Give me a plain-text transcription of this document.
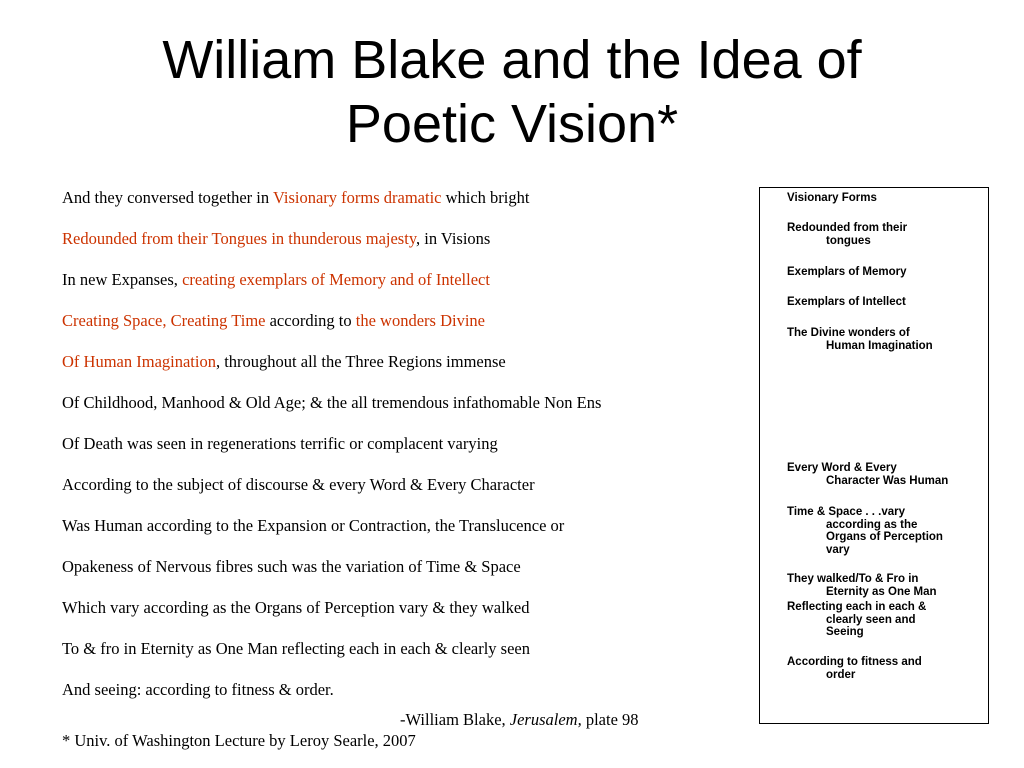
William Blake and the Idea of
Poetic Vision*
And they conversed together in Visionary forms dramatic which bright
Redounded from their Tongues in thunderous majesty, in Visions
In new Expanses, creating exemplars of Memory and of Intellect
Creating Space, Creating Time according to the wonders Divine
Of Human Imagination, throughout all the Three Regions immense
Of Childhood, Manhood & Old Age; & the all tremendous infathomable Non Ens
Of Death was seen in regenerations terrific or complacent varying
According to the subject of discourse & every Word & Every Character
Was Human according to the Expansion or Contraction, the Translucence or
Opakeness of Nervous fibres such was the variation of Time & Space
Which vary according as the Organs of Perception vary & they walked
To & fro in Eternity as One Man reflecting each in each & clearly seen
And seeing: according to fitness & order.
-William Blake, Jerusalem, plate 98
* Univ. of Washington Lecture by Leroy Searle, 2007
Visionary Forms
Redounded from their
tongues
Exemplars of Memory
Exemplars of Intellect
The Divine wonders of
Human Imagination
Every Word & Every
Character Was Human
Time & Space . . .vary
according as the
Organs of Perception
vary
They walked/To & Fro in
Eternity as One Man
Reflecting each in each &
clearly seen and
Seeing
According to fitness and
order
